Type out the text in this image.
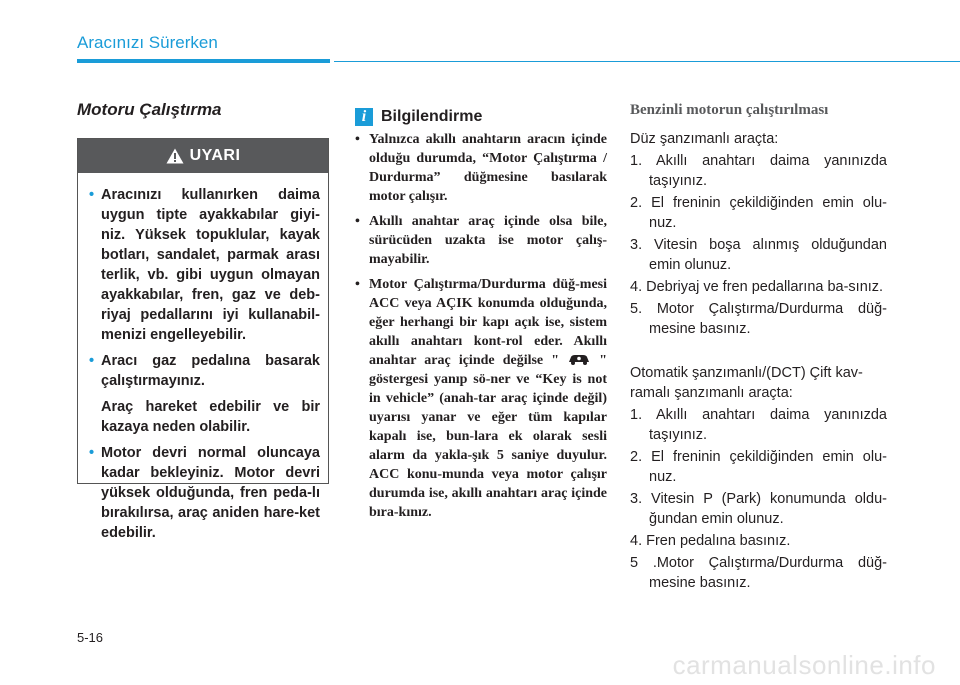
Aracınızı Sürerken
Motoru Çalıştırma
UYARI
• Aracınızı kullanırken daima uygun tipte ayakkabılar giyi-niz. Yüksek topuklular, kayak botları, sandalet, parmak arası terlik, vb. gibi uygun olmayan ayakkabılar, fren, gaz ve deb-riyaj pedallarını iyi kullanabil-menizi engelleyebilir.
• Aracı gaz pedalına basarak çalıştırmayınız.
Araç hareket edebilir ve bir kazaya neden olabilir.
• Motor devri normal oluncaya kadar bekleyiniz. Motor devri yüksek olduğunda, fren peda-lı bırakılırsa, araç aniden hare-ket edebilir.
i Bilgilendirme
• Yalnızca akıllı anahtarın aracın içinde olduğu durumda, “Motor Çalıştırma / Durdurma” düğmesine basılarak motor çalışır.
• Akıllı anahtar araç içinde olsa bile, sürücüden uzakta ise motor çalış-mayabilir.
• Motor Çalıştırma/Durdurma düğ-mesi ACC veya AÇIK konumda olduğunda, eğer herhangi bir kapı açık ise, sistem akıllı anahtarı kont-rol eder. Akıllı anahtar araç içinde değilse "	" göstergesi yanıp sö-ner ve “Key is not in vehicle” (anah-tar araç içinde değil) uyarısı yanar ve eğer tüm kapılar kapalı ise, bun-lara ek olarak sesli alarm da yakla-şık 5 saniye duyulur. ACC konu-munda veya motor çalışır durumda ise, akıllı anahtarı araç içinde bıra-kınız.
Benzinli motorun çalıştırılması
Düz şanzımanlı araçta:
1. Akıllı anahtarı daima yanınızda taşıyınız.
2. El freninin çekildiğinden emin olu-nuz.
3. Vitesin boşa alınmış olduğundan emin olunuz.
4. Debriyaj ve fren pedallarına ba-sınız.
5. Motor Çalıştırma/Durdurma düğ-mesine basınız.
Otomatik şanzımanlı/(DCT) Çift kav-ramalı şanzımanlı araçta:
1. Akıllı anahtarı daima yanınızda taşıyınız.
2. El freninin çekildiğinden emin olu-nuz.
3. Vitesin P (Park) konumunda oldu-ğundan emin olunuz.
4. Fren pedalına basınız.
5 .Motor Çalıştırma/Durdurma düğ-mesine basınız.
5-16
carmanualsonline.info
